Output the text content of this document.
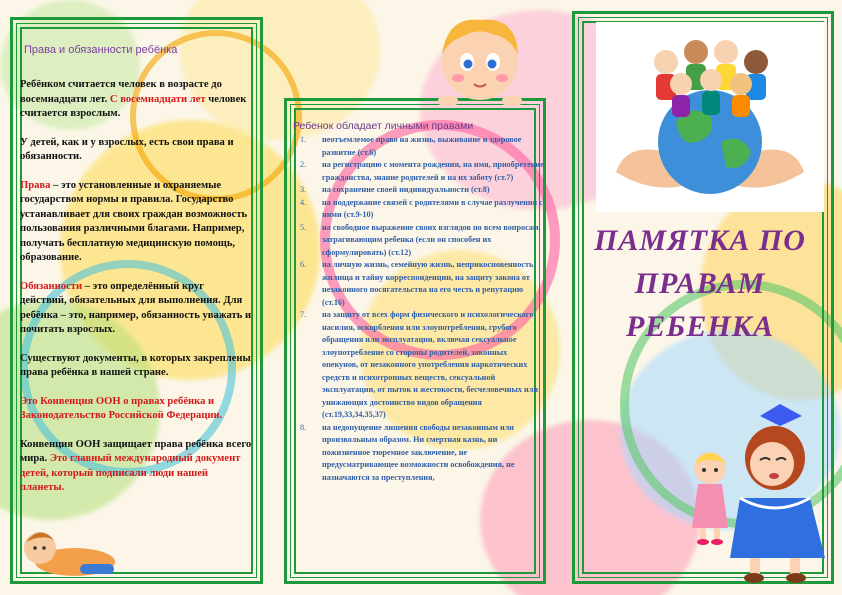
Права и обязанности ребёнка

Ребёнком считается человек в возрасте до восемнадцати лет. С восемнадцати лет человек считается взрослым.

У детей, как и у взрослых, есть свои права и обязанности.

Права – это установленные и охраняемые государством нормы и правила. Государство устанавливает для своих граждан возможность пользования различными благами. Например, получать бесплатную медицинскую помощь, образование.

Обязанности – это определённый круг действий, обязательных для выполнения. Для ребёнка – это, например, обязанность уважать и почитать взрослых.

Существуют документы, в которых закреплены права ребёнка в нашей стране.

Это Конвенция ООН о правах ребёнка и Законодательство Российской Федерации.

Конвенция ООН защищает права ребёнка всего мира. Это главный международный документ детей, который подписали люди нашей планеты.

Ребенок обладает личными правами
1. неотъемлемое право на жизнь, выживание и здоровое развитие (ст.6)
2. на регистрацию с момента рождения, на имя, приобретение гражданства, знание родителей и на их заботу (ст.7)
3. на сохранение своей индивидуальности (ст.8)
4. на поддержание связей с родителями в случае разлучения с ними (ст.9-10)
5. на свободное выражение своих взглядов по всем вопросам, затрагивающим ребенка (если он способен их сформулировать) (ст.12)
6. на личную жизнь, семейную жизнь, неприкосновенность жилища и тайну корреспонденции, на защиту закона от незаконного посягательства на его честь и репутацию (ст.16)
7. на защиту от всех форм физического и психологического насилия, оскорбления или злоупотребления, грубого обращения или эксплуатации, включая сексуальное злоупотребление со стороны родителей, законных опекунов, от незаконного употребления наркотических средств и психотропных веществ, сексуальной эксплуатации, от пыток и жестокости, бесчеловечных или унижающих достоинство видов обращения (ст.19,33,34,35,37)
8. на недопущение лишения свободы незаконным или произвольным образом. Ни смертная казнь, ни пожизненное тюремное заключение, не предусматривающее возможности освобождения, не назначаются за преступления,
ПАМЯТКА ПО
ПРАВАМ
РЕБЕНКА
